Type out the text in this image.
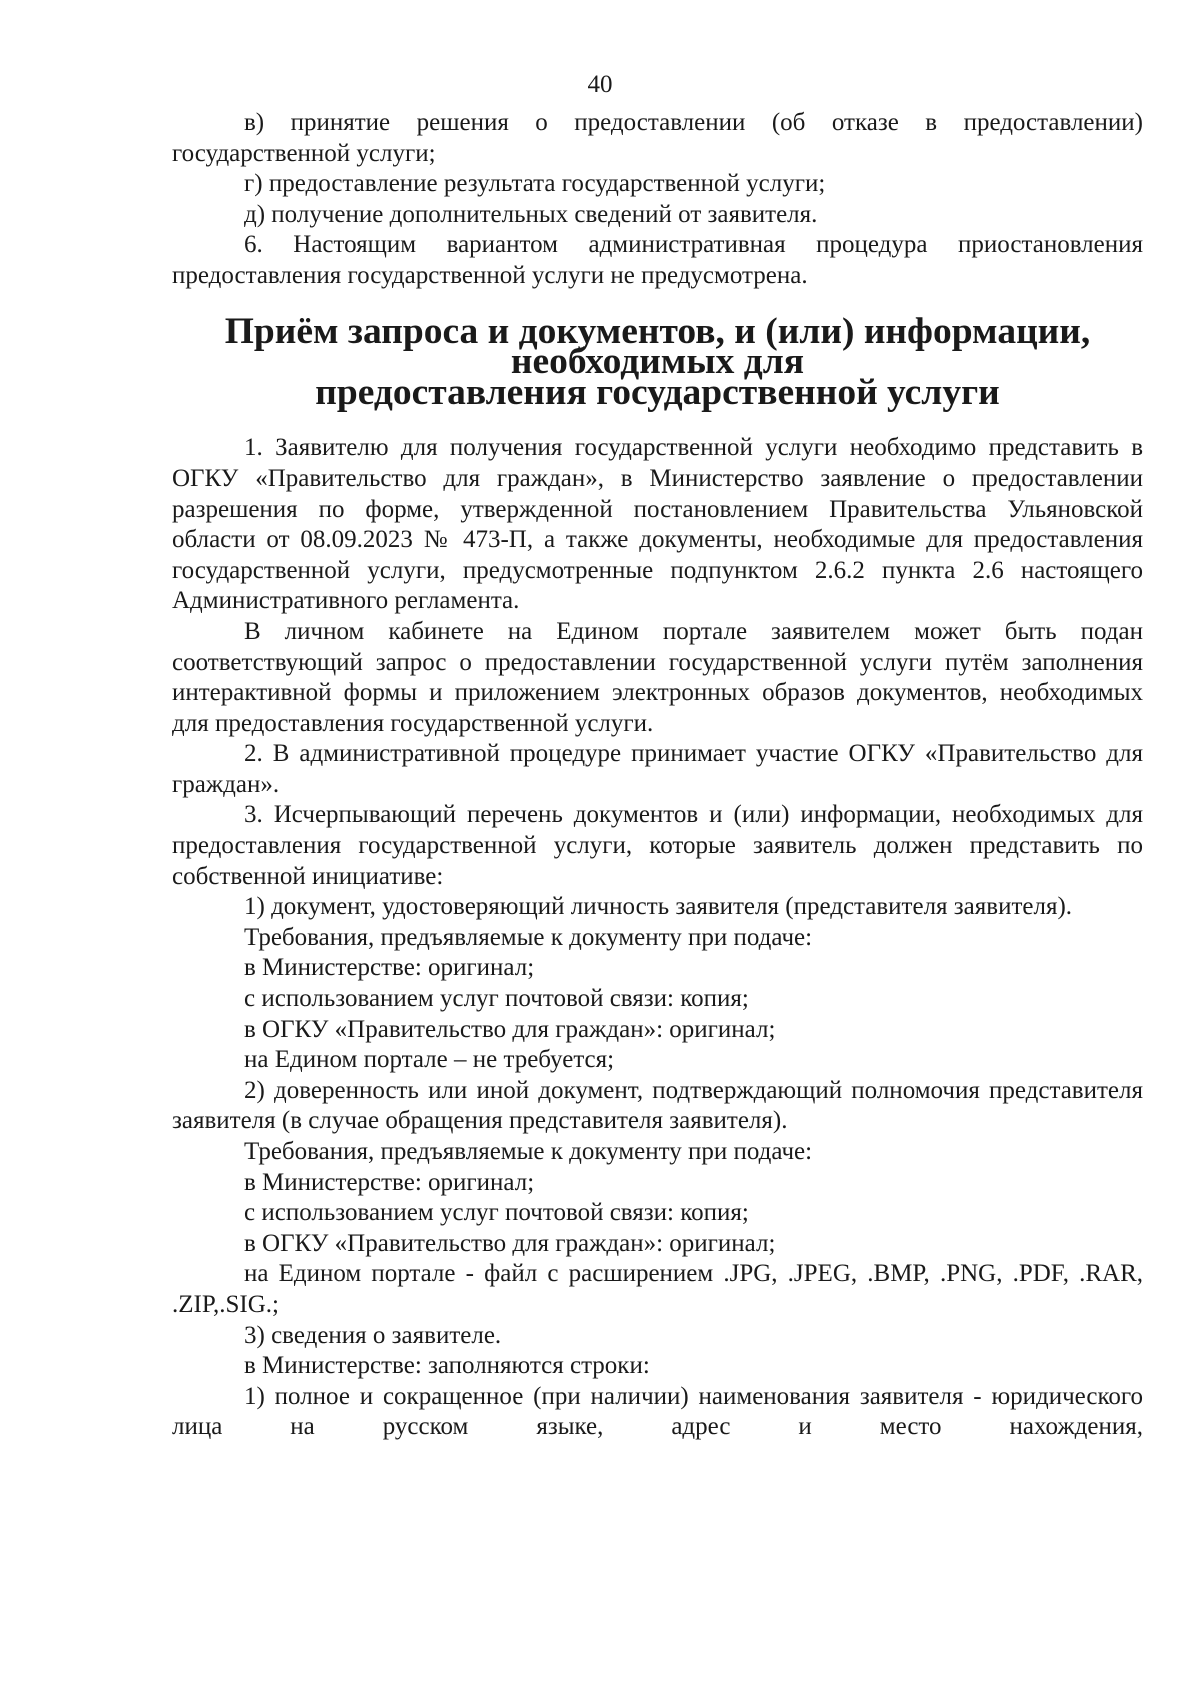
40

в) принятие решения о предоставлении (об отказе в предоставлении) государственной услуги;

г) предоставление результата государственной услуги;

д) получение дополнительных сведений от заявителя.

6. Настоящим вариантом административная процедура приостановления предоставления государственной услуги не предусмотрена.

Приём запроса и документов, и (или) информации, необходимых для
предоставления государственной услуги

1. Заявителю для получения государственной услуги необходимо представить в ОГКУ «Правительство для граждан», в Министерство заявление о предоставлении разрешения по форме, утвержденной постановлением Правительства Ульяновской области от 08.09.2023 № 473-П, а также документы, необходимые для предоставления государственной услуги, предусмотренные подпунктом 2.6.2 пункта 2.6 настоящего Административного регламента.

В личном кабинете на Едином портале заявителем может быть подан соответствующий запрос о предоставлении государственной услуги путём заполнения интерактивной формы и приложением электронных образов документов, необходимых для предоставления государственной услуги.

2. В административной процедуре принимает участие ОГКУ «Правительство для граждан».

3. Исчерпывающий перечень документов и (или) информации, необходимых для предоставления государственной услуги, которые заявитель должен представить по собственной инициативе:

1) документ, удостоверяющий личность заявителя (представителя заявителя).

Требования, предъявляемые к документу при подаче:

в Министерстве: оригинал;

с использованием услуг почтовой связи: копия;

в ОГКУ «Правительство для граждан»: оригинал;

на Едином портале – не требуется;

2) доверенность или иной документ, подтверждающий полномочия представителя заявителя (в случае обращения представителя заявителя).

Требования, предъявляемые к документу при подаче:

в Министерстве: оригинал;

с использованием услуг почтовой связи: копия;

в ОГКУ «Правительство для граждан»: оригинал;

на Едином портале - файл с расширением .JPG, .JPEG, .BMP, .PNG, .PDF, .RAR, .ZIP,.SIG.;

3) сведения о заявителе.

в Министерстве: заполняются строки:

1) полное и сокращенное (при наличии) наименования заявителя - юридического лица на русском языке, адрес и место нахождения,
